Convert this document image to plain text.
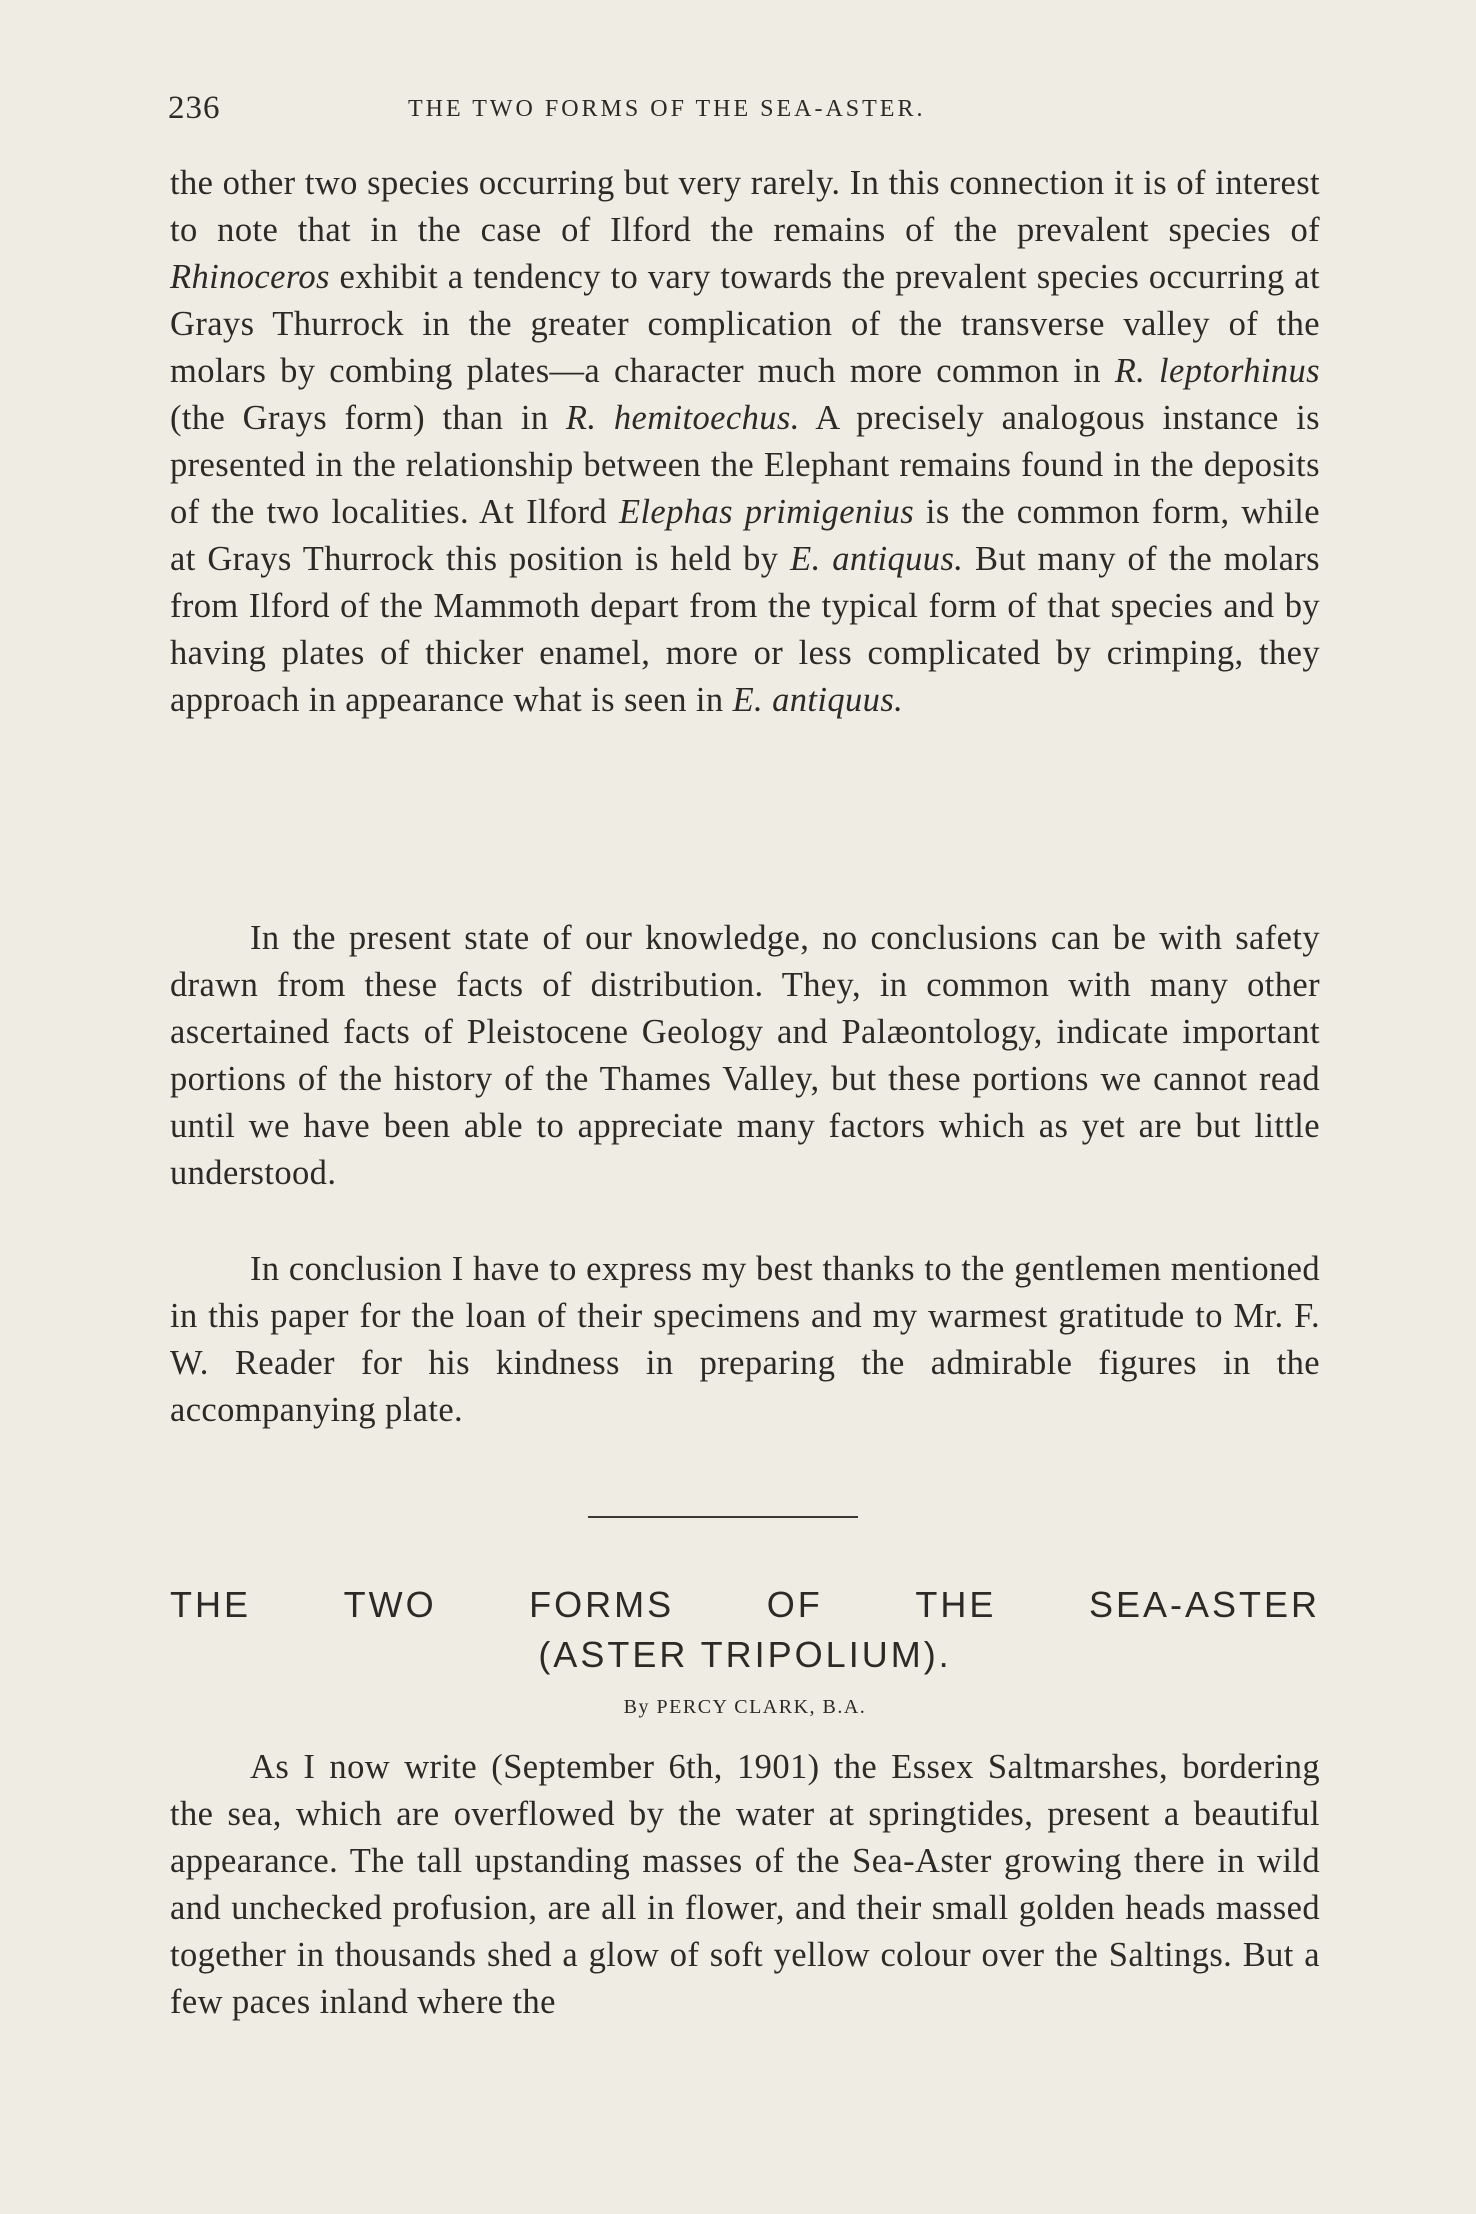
236	THE TWO FORMS OF THE SEA-ASTER.

the other two species occurring but very rarely. In this connection it is of interest to note that in the case of Ilford the remains of the prevalent species of Rhinoceros exhibit a tendency to vary towards the prevalent species occurring at Grays Thurrock in the greater complication of the transverse valley of the molars by combing plates—a character much more common in R. leptorhinus (the Grays form) than in R. hemitoechus. A precisely analogous instance is presented in the relationship between the Elephant remains found in the deposits of the two localities. At Ilford Elephas primigenius is the common form, while at Grays Thurrock this position is held by E. antiquus. But many of the molars from Ilford of the Mammoth depart from the typical form of that species and by having plates of thicker enamel, more or less complicated by crimping, they approach in appearance what is seen in E. antiquus.

In the present state of our knowledge, no conclusions can be with safety drawn from these facts of distribution. They, in common with many other ascertained facts of Pleistocene Geology and Palæontology, indicate important portions of the history of the Thames Valley, but these portions we cannot read until we have been able to appreciate many factors which as yet are but little understood.

In conclusion I have to express my best thanks to the gentlemen mentioned in this paper for the loan of their specimens and my warmest gratitude to Mr. F. W. Reader for his kindness in preparing the admirable figures in the accompanying plate.

THE	TWO	FORMS	OF	THE	SEA-ASTER
(ASTER TRIPOLIUM).
By PERCY CLARK, B.A.

As I now write (September 6th, 1901) the Essex Saltmarshes, bordering the sea, which are overflowed by the water at springtides, present a beautiful appearance. The tall upstanding masses of the Sea-Aster growing there in wild and unchecked profusion, are all in flower, and their small golden heads massed together in thousands shed a glow of soft yellow colour over the Saltings. But a few paces inland where the
